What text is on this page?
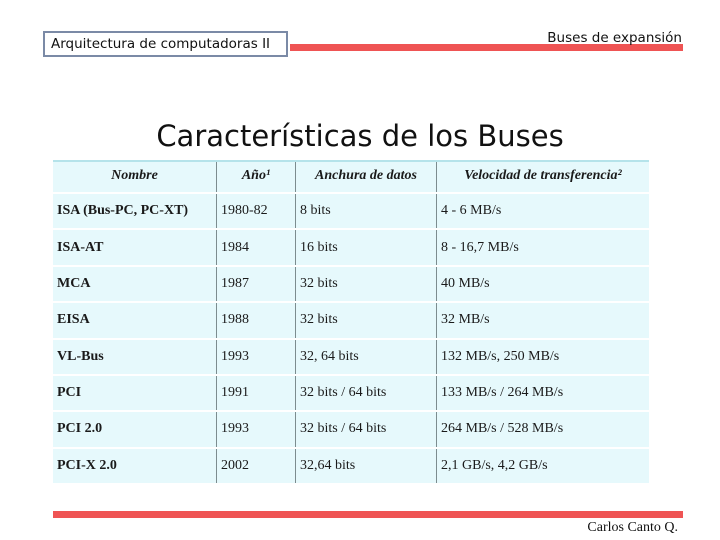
Arquitectura de computadoras II	Buses de expansión
Características de los Buses
Nombre	Año¹	Anchura de datos	Velocidad de transferencia²
ISA (Bus-PC, PC-XT)	1980-82	8 bits	4 - 6 MB/s
ISA-AT	1984	16 bits	8 - 16,7 MB/s
MCA	1987	32 bits	40 MB/s
EISA	1988	32 bits	32 MB/s
VL-Bus	1993	32, 64 bits	132 MB/s, 250 MB/s
PCI	1991	32 bits / 64 bits	133 MB/s / 264 MB/s
PCI 2.0	1993	32 bits / 64 bits	264 MB/s / 528 MB/s
PCI-X 2.0	2002	32,64 bits	2,1 GB/s, 4,2 GB/s
Carlos Canto Q.
